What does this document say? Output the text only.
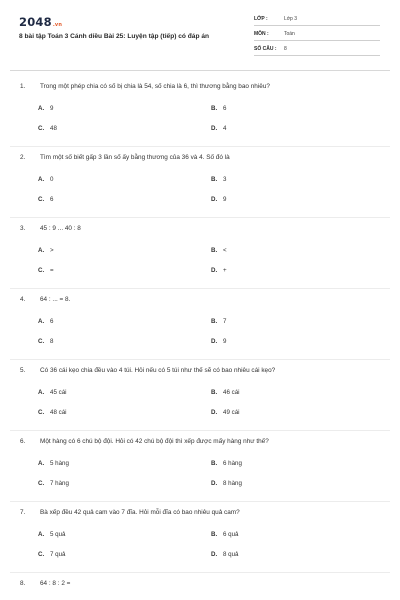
2048.vn
8 bài tập Toán 3 Cánh diều Bài 25: Luyện tập (tiếp) có đáp án
LỚP :	Lớp 3
MÔN :	Toán
SỐ CÂU : 8
1. Trong một phép chia có số bị chia là 54, số chia là 6, thì thương bằng bao nhiêu?
A. 9	B. 6
C. 48	D. 4
2. Tìm một số biết gấp 3 lần số ấy bằng thương của 36 và 4. Số đó là
A. 0	B. 3
C. 6	D. 9
3. 45 : 9 ... 40 : 8
A. >	B. <
C. =	D. +
4. 64 : ... = 8.
A. 6	B. 7
C. 8	D. 9
5. Có 36 cái kẹo chia đều vào 4 túi. Hỏi nếu có 5 túi như thế sẽ có bao nhiêu cái kẹo?
A. 45 cái	B. 46 cái
C. 48 cái	D. 49 cái
6. Một hàng có 6 chú bộ đội. Hỏi có 42 chú bộ đội thì xếp được mấy hàng như thế?
A. 5 hàng	B. 6 hàng
C. 7 hàng	D. 8 hàng
7. Bà xếp đều 42 quả cam vào 7 đĩa. Hỏi mỗi đĩa có bao nhiêu quả cam?
A. 5 quả	B. 6 quả
C. 7 quả	D. 8 quả
8. 64 : 8 : 2 =
